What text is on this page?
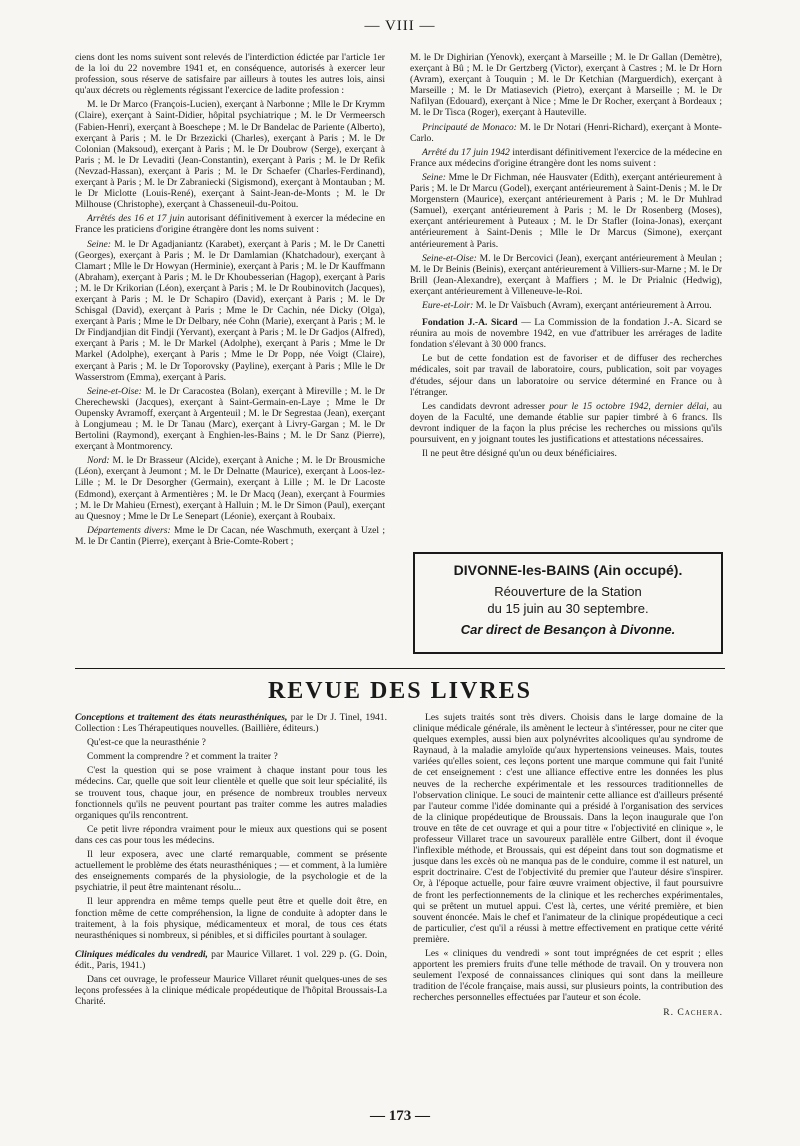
— VIII —

ciens dont les noms suivent sont relevés de l'interdiction édictée par l'article 1er de la loi du 22 novembre 1941 et, en conséquence, autorisés à exercer leur profession, sous réserve de satisfaire par ailleurs à toutes les autres lois, ainsi qu'aux décrets ou règlements régissant l'exercice de ladite profession :

M. le Dr Marco (François-Lucien), exerçant à Narbonne ; Mlle le Dr Krymm (Claire), exerçant à Saint-Didier, hôpital psychiatrique ; M. le Dr Vermeersch (Fabien-Henri), exerçant à Boeschepe ; M. le Dr Bandelac de Pariente (Alberto), exerçant à Paris ; M. le Dr Brzezicki (Charles), exerçant à Paris ; M. le Dr Colonian (Maksoud), exerçant à Paris ; M. le Dr Doubrow (Serge), exerçant à Paris ; M. le Dr Levaditi (Jean-Constantin), exerçant à Paris ; M. le Dr Refik (Nevzad-Hassan), exerçant à Paris ; M. le Dr Schaefer (Charles-Ferdinand), exerçant à Paris ; M. le Dr Zabraniecki (Sigismond), exerçant à Montauban ; M. le Dr Miclotte (Louis-René), exerçant à Saint-Jean-de-Monts ; M. le Dr Milhouse (Christophe), exerçant à Chasseneuil-du-Poitou.

Arrêtés des 16 et 17 juin autorisant définitivement à exercer la médecine en France les praticiens d'origine étrangère dont les noms suivent :

Seine: M. le Dr Agadjaniantz (Karabet), exerçant à Paris ; M. le Dr Canetti (Georges), exerçant à Paris ; M. le Dr Damlamian (Khatchadour), exerçant à Clamart ; Mlle le Dr Howyan (Herminie), exerçant à Paris ; M. le Dr Kauffmann (Abraham), exerçant à Paris ; M. le Dr Khoubesserian (Hagop), exerçant à Paris ; M. le Dr Krikorian (Léon), exerçant à Paris ; M. le Dr Roubinovitch (Jacques), exerçant à Paris ; M. le Dr Schapiro (David), exerçant à Paris ; M. le Dr Schisgal (David), exerçant à Paris ; Mme le Dr Cachin, née Dicky (Olga), exerçant à Paris ; Mme le Dr Delbary, née Cohn (Marie), exerçant à Paris ; M. le Dr Findjandjian dit Findji (Yervant), exerçant à Paris ; M. le Dr Gadjos (Alfred), exerçant à Paris ; M. le Dr Markel (Adolphe), exerçant à Paris ; Mme le Dr Markel (Adolphe), exerçant à Paris ; Mme le Dr Popp, née Voigt (Claire), exerçant à Paris ; M. le Dr Toporovsky (Payline), exerçant à Paris ; Mlle le Dr Wasserstrom (Emma), exerçant à Paris.

Seine-et-Oise: M. le Dr Caracostea (Bolan), exerçant à Mireville ; M. le Dr Cherechewski (Jacques), exerçant à Saint-Germain-en-Laye ; Mme le Dr Oupensky Avramoff, exerçant à Argenteuil ; M. le Dr Segrestaa (Jean), exerçant à Longjumeau ; M. le Dr Tanau (Marc), exerçant à Livry-Gargan ; M. le Dr Bertolini (Raymond), exerçant à Enghien-les-Bains ; M. le Dr Sanz (Pierre), exerçant à Montmorency.

Nord: M. le Dr Brasseur (Alcide), exerçant à Aniche ; M. le Dr Brousmiche (Léon), exerçant à Jeumont ; M. le Dr Delnatte (Maurice), exerçant à Loos-lez-Lille ; M. le Dr Desorgher (Germain), exerçant à Lille ; M. le Dr Lacoste (Edmond), exerçant à Armentières ; M. le Dr Macq (Jean), exerçant à Fourmies ; M. le Dr Mahieu (Ernest), exerçant à Halluin ; M. le Dr Simon (Paul), exerçant au Quesnoy ; Mme le Dr Le Senepart (Léonie), exerçant à Roubaix.

Départements divers: Mme le Dr Cacan, née Waschmuth, exerçant à Uzel ; M. le Dr Cantin (Pierre), exerçant à Brie-Comte-Robert ;

M. le Dr Dighirian (Yenovk), exerçant à Marseille ; M. le Dr Gallan (Demètre), exerçant à Bû ; M. le Dr Gertzberg (Victor), exerçant à Castres ; M. le Dr Horn (Avram), exerçant à Touquin ; M. le Dr Ketchian (Marguerdich), exerçant à Marseille ; M. le Dr Matiasevich (Pietro), exerçant à Marseille ; M. le Dr Nafilyan (Edouard), exerçant à Nice ; Mme le Dr Rocher, exerçant à Bordeaux ; M. le Dr Tisca (Roger), exerçant à Hauteville.

Principauté de Monaco: M. le Dr Notari (Henri-Richard), exerçant à Monte-Carlo.

Arrêté du 17 juin 1942 interdisant définitivement l'exercice de la médecine en France aux médecins d'origine étrangère dont les noms suivent :

Seine: Mme le Dr Fichman, née Hausvater (Edith), exerçant antérieurement à Paris ; M. le Dr Marcu (Godel), exerçant antérieurement à Saint-Denis ; M. le Dr Morgenstern (Maurice), exerçant antérieurement à Paris ; M. le Dr Muhlrad (Samuel), exerçant antérieurement à Paris ; M. le Dr Rosenberg (Moses), exerçant antérieurement à Puteaux ; M. le Dr Stafler (Ioina-Jonas), exerçant antérieurement à Saint-Denis ; Mlle le Dr Marcus (Simone), exerçant antérieurement à Paris.

Seine-et-Oise: M. le Dr Bercovici (Jean), exerçant antérieurement à Meulan ; M. le Dr Beinis (Beinis), exerçant antérieurement à Villiers-sur-Marne ; M. le Dr Brill (Jean-Alexandre), exerçant à Maffiers ; M. le Dr Prialnic (Hedwig), exerçant antérieurement à Villeneuve-le-Roi.

Eure-et-Loir: M. le Dr Vaïsbuch (Avram), exerçant antérieurement à Arrou.

Fondation J.-A. Sicard — La Commission de la fondation J.-A. Sicard se réunira au mois de novembre 1942, en vue d'attribuer les arrérages de ladite fondation s'élevant à 30 000 francs.

Le but de cette fondation est de favoriser et de diffuser des recherches médicales, soit par travail de laboratoire, cours, publication, soit par voyages d'études, séjour dans un laboratoire ou service déterminé en France ou à l'étranger.

Les candidats devront adresser pour le 15 octobre 1942, dernier délai, au doyen de la Faculté, une demande établie sur papier timbré à 6 francs. Ils devront indiquer de la façon la plus précise les recherches ou missions qu'ils poursuivent, en y joignant toutes les justifications et attestations nécessaires.

Il ne peut être désigné qu'un ou deux bénéficiaires.

DIVONNE-les-BAINS (Ain occupé).
Réouverture de la Station
du 15 juin au 30 septembre.
Car direct de Besançon à Divonne.
REVUE DES LIVRES

Conceptions et traitement des états neurasthéniques, par le Dr J. Tinel, 1941. Collection : Les Thérapeutiques nouvelles. (Baillière, éditeurs.)

Qu'est-ce que la neurasthénie ?

Comment la comprendre ? et comment la traiter ?

C'est la question qui se pose vraiment à chaque instant pour tous les médecins. Car, quelle que soit leur clientèle et quelle que soit leur spécialité, ils se trouvent tous, chaque jour, en présence de nombreux troubles nerveux fonctionnels qu'ils ne peuvent pourtant pas traiter comme les autres maladies organiques qu'ils rencontrent.

Ce petit livre répondra vraiment pour le mieux aux questions qui se posent dans ces cas pour tous les médecins.

Il leur exposera, avec une clarté remarquable, comment se présente actuellement le problème des états neurasthéniques ; — et comment, à la lumière des enseignements comparés de la physiologie, de la psychologie et de la psychiatrie, il peut être maintenant résolu...

Il leur apprendra en même temps quelle peut être et quelle doit être, en fonction même de cette compréhension, la ligne de conduite à adopter dans le traitement, à la fois physique, médicamenteux et moral, de tous ces états neurasthéniques si nombreux, si pénibles, et si difficiles pourtant à soulager.

Cliniques médicales du vendredi, par Maurice Villaret. 1 vol. 229 p. (G. Doin, édit., Paris, 1941.)

Dans cet ouvrage, le professeur Maurice Villaret réunit quelques-unes de ses leçons professées à la clinique médicale propédeutique de l'hôpital Broussais-La Charité.

Les sujets traités sont très divers. Choisis dans le large domaine de la clinique médicale générale, ils amènent le lecteur à s'intéresser, pour ne citer que quelques exemples, aussi bien aux polynévrites alcooliques qu'au syndrome de Raynaud, à la maladie amyloïde qu'aux hypertensions veineuses. Mais, toutes variées qu'elles soient, ces leçons portent une marque commune qui fait l'unité de cet enseignement : c'est une alliance effective entre les données les plus neuves de la recherche expérimentale et les ressources traditionnelles de l'observation clinique. Le souci de maintenir cette alliance est d'ailleurs présenté par l'auteur comme l'idée dominante qui a présidé à l'organisation des services de la clinique propédeutique de Broussais. Dans la leçon inaugurale que l'on trouve en tête de cet ouvrage et qui a pour titre « l'objectivité en clinique », le professeur Villaret trace un savoureux parallèle entre Gilbert, dont il évoque l'inflexible méthode, et Broussais, qui est dépeint dans tout son dogmatisme et jusque dans les excès où ne manqua pas de le conduire, comme il est naturel, un esprit doctrinaire. C'est de l'objectivité du premier que l'auteur désire s'inspirer. Or, à l'époque actuelle, pour faire œuvre vraiment objective, il faut poursuivre de front les perfectionnements de la clinique et les recherches expérimentales, qui se prêtent un mutuel appui. C'est là, certes, une vérité première, et bien souvent énoncée. Mais le chef et l'animateur de la clinique propédeutique a ceci de particulier, c'est qu'il a réussi à mettre effectivement en pratique cette vérité première.

Les « cliniques du vendredi » sont tout imprégnées de cet esprit ; elles apportent les premiers fruits d'une telle méthode de travail. On y trouvera non seulement l'exposé de connaissances cliniques qui sont dans la meilleure tradition de l'école française, mais aussi, sur plusieurs points, la contribution des recherches personnelles effectuées par l'auteur et son école.

R. Cachera.
— 173 —
